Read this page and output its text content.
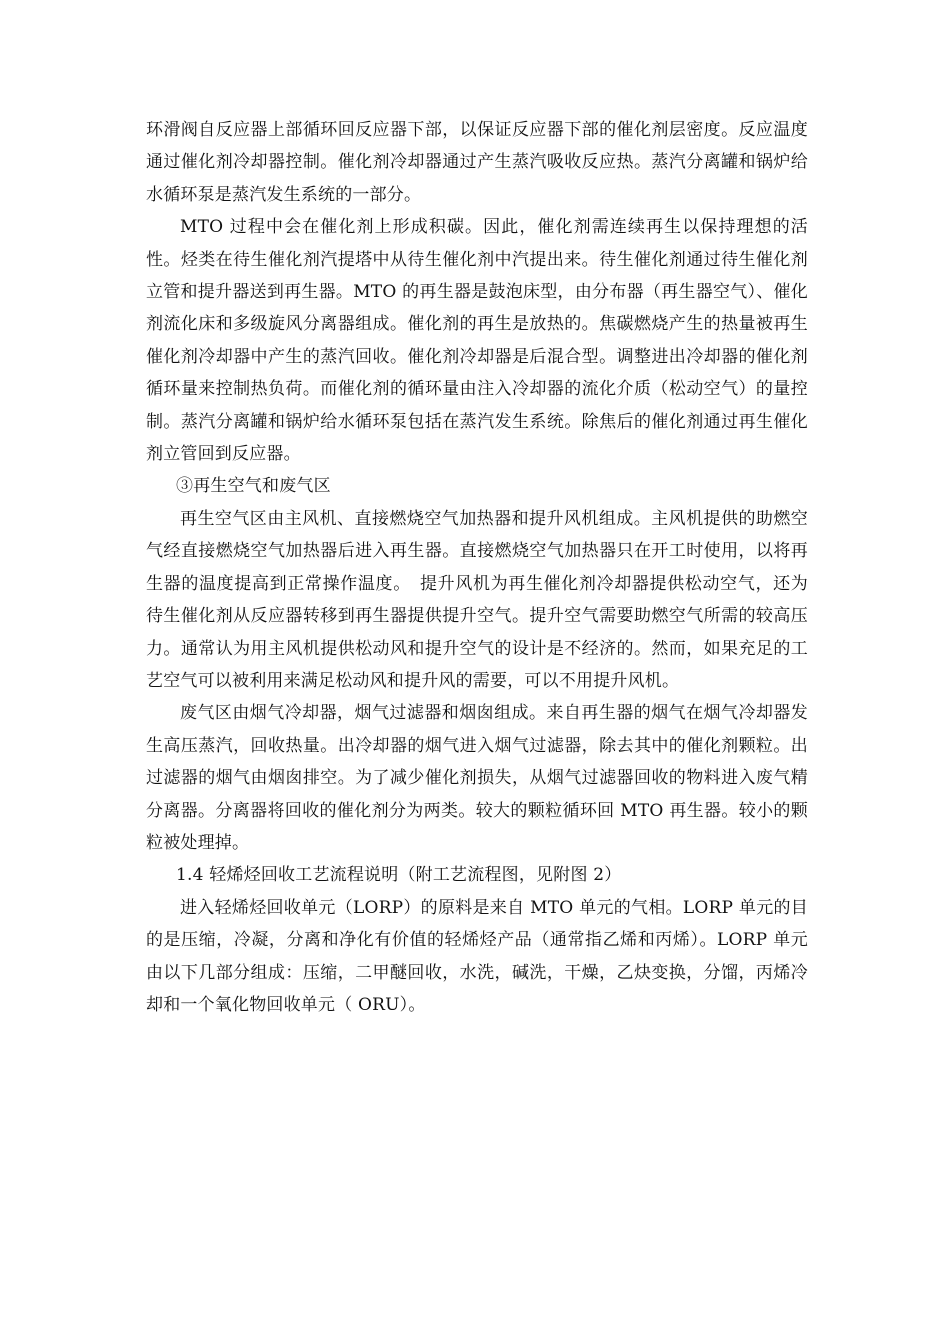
环滑阀自反应器上部循环回反应器下部，以保证反应器下部的催化剂层密度。反应温度通过催化剂冷却器控制。催化剂冷却器通过产生蒸汽吸收反应热。蒸汽分离罐和锅炉给水循环泵是蒸汽发生系统的一部分。

MTO 过程中会在催化剂上形成积碳。因此，催化剂需连续再生以保持理想的活性。烃类在待生催化剂汽提塔中从待生催化剂中汽提出来。待生催化剂通过待生催化剂立管和提升器送到再生器。MTO 的再生器是鼓泡床型，由分布器（再生器空气）、催化剂流化床和多级旋风分离器组成。催化剂的再生是放热的。焦碳燃烧产生的热量被再生催化剂冷却器中产生的蒸汽回收。催化剂冷却器是后混合型。调整进出冷却器的催化剂循环量来控制热负荷。而催化剂的循环量由注入冷却器的流化介质（松动空气）的量控制。蒸汽分离罐和锅炉给水循环泵包括在蒸汽发生系统。除焦后的催化剂通过再生催化剂立管回到反应器。

③再生空气和废气区

再生空气区由主风机、直接燃烧空气加热器和提升风机组成。主风机提供的助燃空气经直接燃烧空气加热器后进入再生器。直接燃烧空气加热器只在开工时使用，以将再生器的温度提高到正常操作温度。　提升风机为再生催化剂冷却器提供松动空气，还为待生催化剂从反应器转移到再生器提供提升空气。提升空气需要助燃空气所需的较高压力。通常认为用主风机提供松动风和提升空气的设计是不经济的。然而，如果充足的工艺空气可以被利用来满足松动风和提升风的需要，可以不用提升风机。

废气区由烟气冷却器，烟气过滤器和烟囱组成。来自再生器的烟气在烟气冷却器发生高压蒸汽，回收热量。出冷却器的烟气进入烟气过滤器，除去其中的催化剂颗粒。出过滤器的烟气由烟囱排空。为了减少催化剂损失，从烟气过滤器回收的物料进入废气精分离器。分离器将回收的催化剂分为两类。较大的颗粒循环回 MTO 再生器。较小的颗粒被处理掉。

1.4 轻烯烃回收工艺流程说明（附工艺流程图，见附图 2）

进入轻烯烃回收单元（LORP）的原料是来自 MTO 单元的气相。LORP 单元的目的是压缩，冷凝，分离和净化有价值的轻烯烃产品（通常指乙烯和丙烯）。LORP 单元由以下几部分组成：压缩，二甲醚回收，水洗，碱洗，干燥，乙炔变换，分馏，丙烯冷却和一个氧化物回收单元（ ORU）。
